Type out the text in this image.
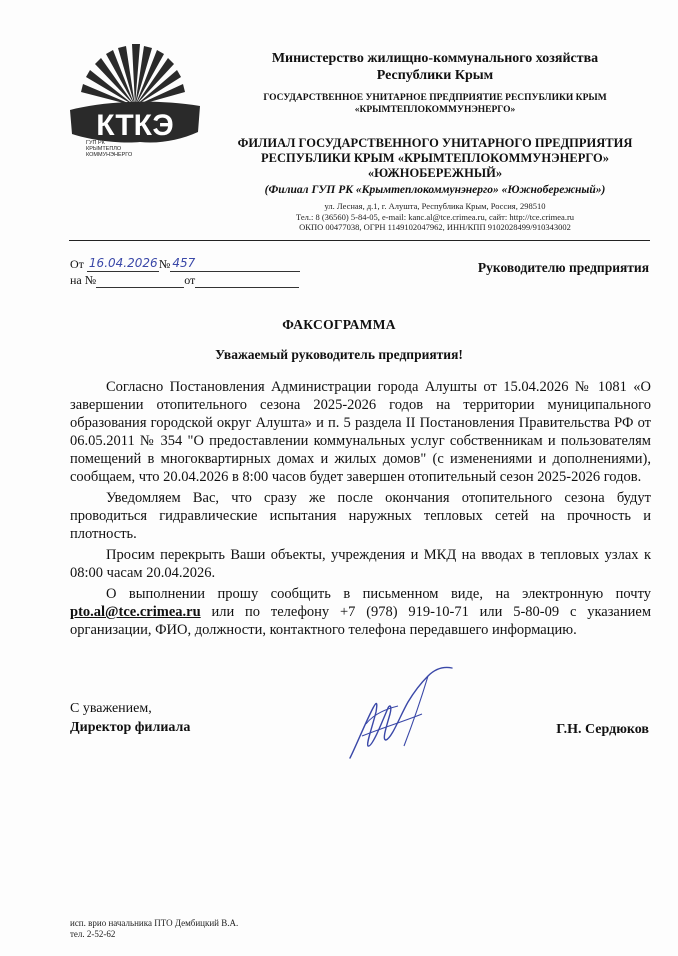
КТКЭ
ГУП РК
КРЫМТЕПЛО
КОММУНЭНЕРГО
Министерство жилищно-коммунального хозяйства
Республики Крым
ГОСУДАРСТВЕННОЕ УНИТАРНОЕ ПРЕДПРИЯТИЕ РЕСПУБЛИКИ КРЫМ
«КРЫМТЕПЛОКОММУНЭНЕРГО»
ФИЛИАЛ ГОСУДАРСТВЕННОГО УНИТАРНОГО ПРЕДПРИЯТИЯ
РЕСПУБЛИКИ КРЫМ «КРЫМТЕПЛОКОММУНЭНЕРГО»
«ЮЖНОБЕРЕЖНЫЙ»
(Филиал ГУП РК «Крымтеплокоммунэнерго» «Южнобережный»)
ул. Лесная, д.1, г. Алушта, Республика Крым, Россия, 298510
Тел.: 8 (36560) 5-84-05, e-mail: kanc.al@tce.crimea.ru, сайт: http://tce.crimea.ru
ОКПО 00477038, ОГРН 1149102047962, ИНН/КПП 9102028499/910343002
От 16.04.2026 № 457
на №	от
Руководителю предприятия
ФАКСОГРАММА
Уважаемый руководитель предприятия!

Согласно Постановления Администрации города Алушты от 15.04.2026 № 1081 «О завершении отопительного сезона 2025-2026 годов на территории муниципального образования городской округ Алушта» и п. 5 раздела II Постановления Правительства РФ от 06.05.2011 № 354 "О предоставлении коммунальных услуг собственникам и пользователям помещений в многоквартирных домах и жилых домов" (с изменениями и дополнениями), сообщаем, что 20.04.2026 в 8:00 часов будет завершен отопительный сезон 2025-2026 годов.

Уведомляем Вас, что сразу же после окончания отопительного сезона будут проводиться гидравлические испытания наружных тепловых сетей на прочность и плотность.

Просим перекрыть Ваши объекты, учреждения и МКД на вводах в тепловых узлах к 08:00 часам 20.04.2026.

О выполнении прошу сообщить в письменном виде, на электронную почту pto.al@tce.crimea.ru или по телефону +7 (978) 919-10-71 или 5-80-09 с указанием организации, ФИО, должности, контактного телефона передавшего информацию.

С уважением,
Директор филиала	Г.Н. Сердюков
исп. врио начальника ПТО Дембицкий В.А.
тел. 2-52-62
